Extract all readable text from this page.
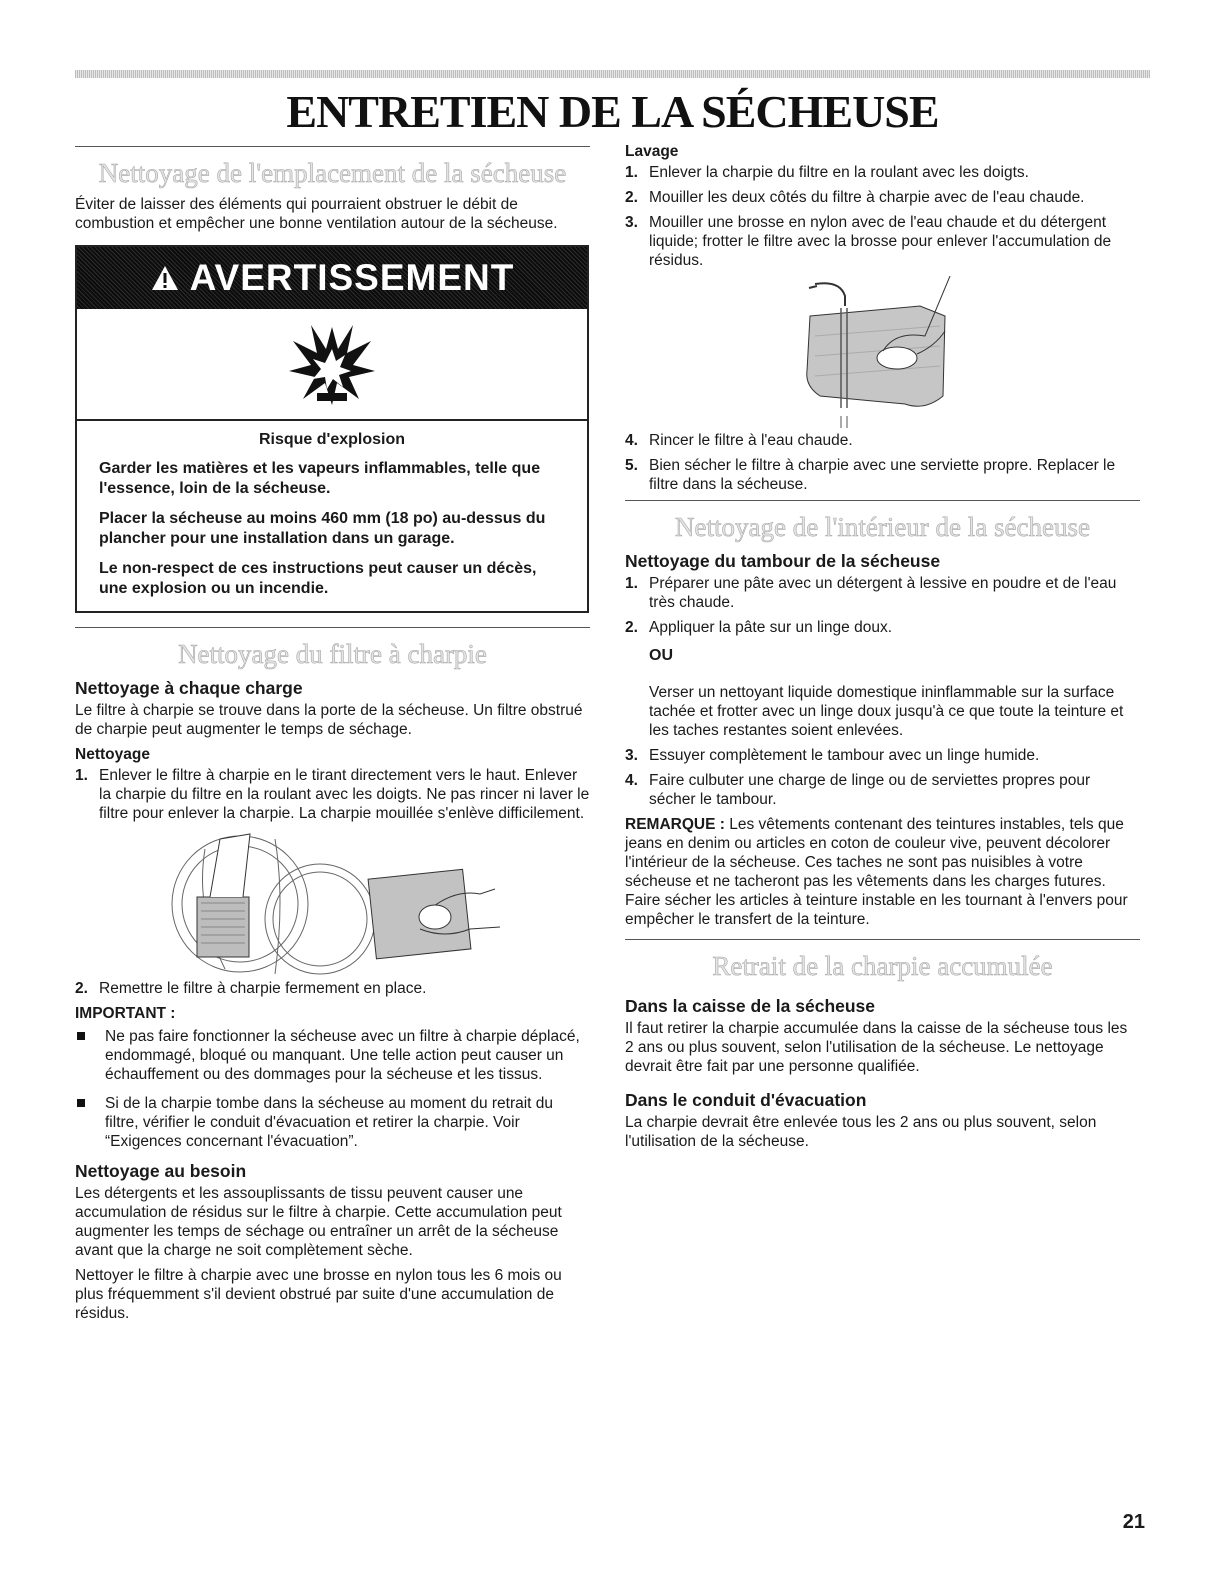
ENTRETIEN DE LA SÉCHEUSE
Nettoyage de l'emplacement de la sécheuse

Éviter de laisser des éléments qui pourraient obstruer le débit de combustion et empêcher une bonne ventilation autour de la sécheuse.

AVERTISSEMENT
Risque d'explosion

Garder les matières et les vapeurs inflammables, telle que l'essence, loin de la sécheuse.

Placer la sécheuse au moins 460 mm (18 po) au-dessus du plancher pour une installation dans un garage.

Le non-respect de ces instructions peut causer un décès, une explosion ou un incendie.

Nettoyage du filtre à charpie
Nettoyage à chaque charge

Le filtre à charpie se trouve dans la porte de la sécheuse. Un filtre obstrué de charpie peut augmenter le temps de séchage.

Nettoyage
1. Enlever le filtre à charpie en le tirant directement vers le haut. Enlever la charpie du filtre en la roulant avec les doigts. Ne pas rincer ni laver le filtre pour enlever la charpie. La charpie mouillée s'enlève difficilement.
2. Remettre le filtre à charpie fermement en place.
IMPORTANT :
Ne pas faire fonctionner la sécheuse avec un filtre à charpie déplacé, endommagé, bloqué ou manquant. Une telle action peut causer un échauffement ou des dommages pour la sécheuse et les tissus.
Si de la charpie tombe dans la sécheuse au moment du retrait du filtre, vérifier le conduit d'évacuation et retirer la charpie. Voir “Exigences concernant l'évacuation”.
Nettoyage au besoin

Les détergents et les assouplissants de tissu peuvent causer une accumulation de résidus sur le filtre à charpie. Cette accumulation peut augmenter les temps de séchage ou entraîner un arrêt de la sécheuse avant que la charge ne soit complètement sèche.

Nettoyer le filtre à charpie avec une brosse en nylon tous les 6 mois ou plus fréquemment s'il devient obstrué par suite d'une accumulation de résidus.

Lavage
1. Enlever la charpie du filtre en la roulant avec les doigts.
2. Mouiller les deux côtés du filtre à charpie avec de l'eau chaude.
3. Mouiller une brosse en nylon avec de l'eau chaude et du détergent liquide; frotter le filtre avec la brosse pour enlever l'accumulation de résidus.
4. Rincer le filtre à l'eau chaude.
5. Bien sécher le filtre à charpie avec une serviette propre. Replacer le filtre dans la sécheuse.
Nettoyage de l'intérieur de la sécheuse
Nettoyage du tambour de la sécheuse
1. Préparer une pâte avec un détergent à lessive en poudre et de l'eau très chaude.
2. Appliquer la pâte sur un linge doux.
OU

Verser un nettoyant liquide domestique ininflammable sur la surface tachée et frotter avec un linge doux jusqu'à ce que toute la teinture et les taches restantes soient enlevées.

3. Essuyer complètement le tambour avec un linge humide.
4. Faire culbuter une charge de linge ou de serviettes propres pour sécher le tambour.

REMARQUE : Les vêtements contenant des teintures instables, tels que jeans en denim ou articles en coton de couleur vive, peuvent décolorer l'intérieur de la sécheuse. Ces taches ne sont pas nuisibles à votre sécheuse et ne tacheront pas les vêtements dans les charges futures. Faire sécher les articles à teinture instable en les tournant à l'envers pour empêcher le transfert de la teinture.

Retrait de la charpie accumulée
Dans la caisse de la sécheuse

Il faut retirer la charpie accumulée dans la caisse de la sécheuse tous les 2 ans ou plus souvent, selon l'utilisation de la sécheuse. Le nettoyage devrait être fait par une personne qualifiée.

Dans le conduit d'évacuation

La charpie devrait être enlevée tous les 2 ans ou plus souvent, selon l'utilisation de la sécheuse.

21
